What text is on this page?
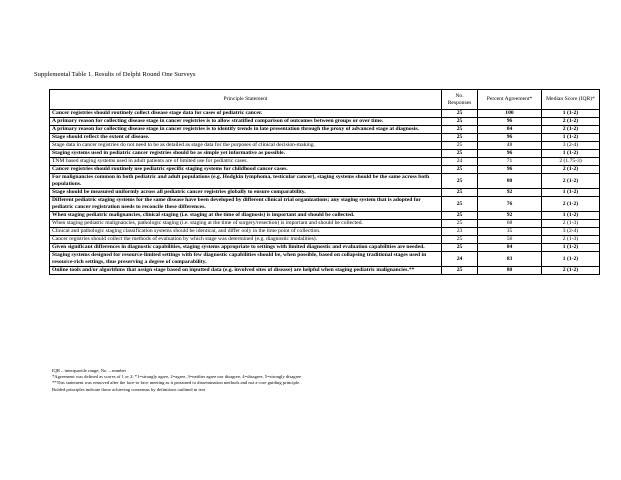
Supplemental Table 1. Results of Delphi Round One Surveys
Principle Statement	No. Responses	Percent Agreement*	Median Score (IQR)*
Cancer registries should routinely collect disease stage data for cases of pediatric cancer.	25	100	1 (1-2)
A primary reason for collecting disease stage in cancer registries is to allow stratified comparison of outcomes between groups or over time.	25	96	2 (1-2)
A primary reason for collecting disease stage in cancer registries is to identify trends in late presentation through the proxy of advanced stage at diagnosis.	25	84	2 (1-2)
Stage should reflect the extent of disease.	25	96	1 (1-2)
Stage data in cancer registries do not need to be as detailed as stage data for the purposes of clinical decision-making.	25	48	3 (2-4)
Staging systems used in pediatric cancer registries should be as simple yet informative as possible.	25	96	1 (1-2)
TNM based staging systems used in adult patients are of limited use for pediatric cases.	24	71	2 (1.75-3)
Cancer registries should routinely use pediatric specific staging systems for childhood cancer cases.	25	96	2 (1-2)
For malignancies common in both pediatric and adult populations (e.g. Hodgkin lymphoma, testicular cancer), staging systems should be the same across both populations.	25	80	2 (1-2)
Stage should be measured uniformly across all pediatric cancer registries globally to ensure comparability.	25	92	1 (1-2)
Different pediatric staging systems for the same disease have been developed by different clinical trial organizations; any staging system that is adopted for pediatric cancer registration needs to reconcile these differences.	25	76	2 (1-2)
When staging pediatric malignancies, clinical staging (i.e. staging at the time of diagnosis) is important and should be collected.	25	92	1 (1-2)
When staging pediatric malignancies, pathologic staging (i.e. staging at the time of surgery/resection) is important and should be collected.	25	68	2 (1-3)
Clinical and pathologic staging classification systems should be identical, and differ only in the time point of collection.	23	35	3 (2-4)
Cancer registries should collect the methods of evaluation by which stage was determined (e.g. diagnostic modalities).	25	56	2 (1-3)
Given significant differences in diagnostic capabilities, staging systems appropriate to settings with limited diagnostic and evaluation capabilities are needed.	25	84	1 (1-2)
Staging systems designed for resource-limited settings with few diagnostic capabilities should be, when possible, based on collapsing traditional stages used in resource-rich settings, thus preserving a degree of comparability.	24	83	1 (1-2)
Online tools and/or algorithms that assign stage based on inputted data (e.g. involved sites of disease) are helpful when staging pediatric malignancies.**	25	80	2 (1-2)
IQR – interquartile range; No. – number
*Agreement was defined as scores of 1 or 2; *1=strongly agree, 2=agree, 3=neither agree nor disagree, 4=disagree, 5=strongly disagree
**This statement was removed after the face-to-face meeting as it pertained to dissemination methods and not a core guiding principle.
Bolded principles indicate those achieving consensus by definitions outlined in text
